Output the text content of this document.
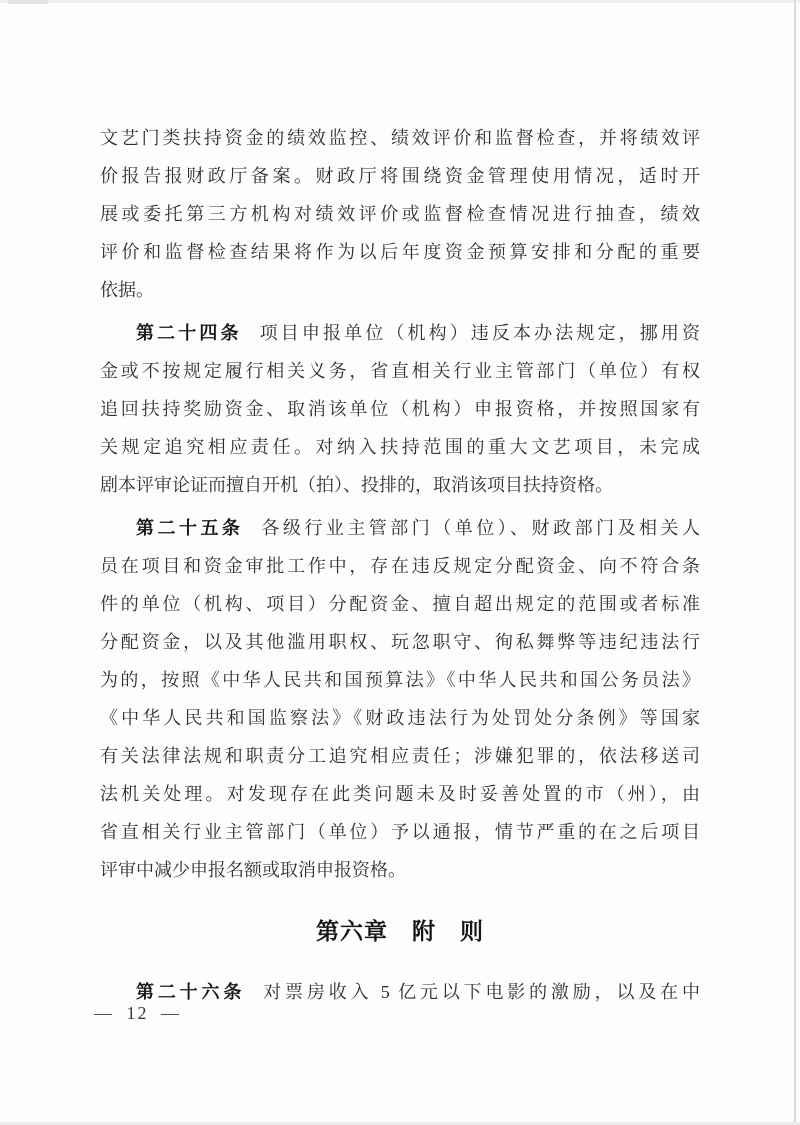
文艺门类扶持资金的绩效监控、绩效评价和监督检查，并将绩效评
价报告报财政厅备案。财政厅将围绕资金管理使用情况，适时开
展或委托第三方机构对绩效评价或监督检查情况进行抽查，绩效
评价和监督检查结果将作为以后年度资金预算安排和分配的重要
依据。
第二十四条 项目申报单位（机构）违反本办法规定，挪用资
金或不按规定履行相关义务，省直相关行业主管部门（单位）有权
追回扶持奖励资金、取消该单位（机构）申报资格，并按照国家有
关规定追究相应责任。对纳入扶持范围的重大文艺项目，未完成
剧本评审论证而擅自开机（拍）、投排的，取消该项目扶持资格。
第二十五条 各级行业主管部门（单位）、财政部门及相关人
员在项目和资金审批工作中，存在违反规定分配资金、向不符合条
件的单位（机构、项目）分配资金、擅自超出规定的范围或者标准
分配资金，以及其他滥用职权、玩忽职守、徇私舞弊等违纪违法行
为的，按照《中华人民共和国预算法》《中华人民共和国公务员法》
《中华人民共和国监察法》《财政违法行为处罚处分条例》等国家
有关法律法规和职责分工追究相应责任；涉嫌犯罪的，依法移送司
法机关处理。对发现存在此类问题未及时妥善处置的市（州），由
省直相关行业主管部门（单位）予以通报，情节严重的在之后项目
评审中减少申报名额或取消申报资格。
第六章　附　则
第二十六条 对票房收入 5 亿元以下电影的激励，以及在中
— 12 —
